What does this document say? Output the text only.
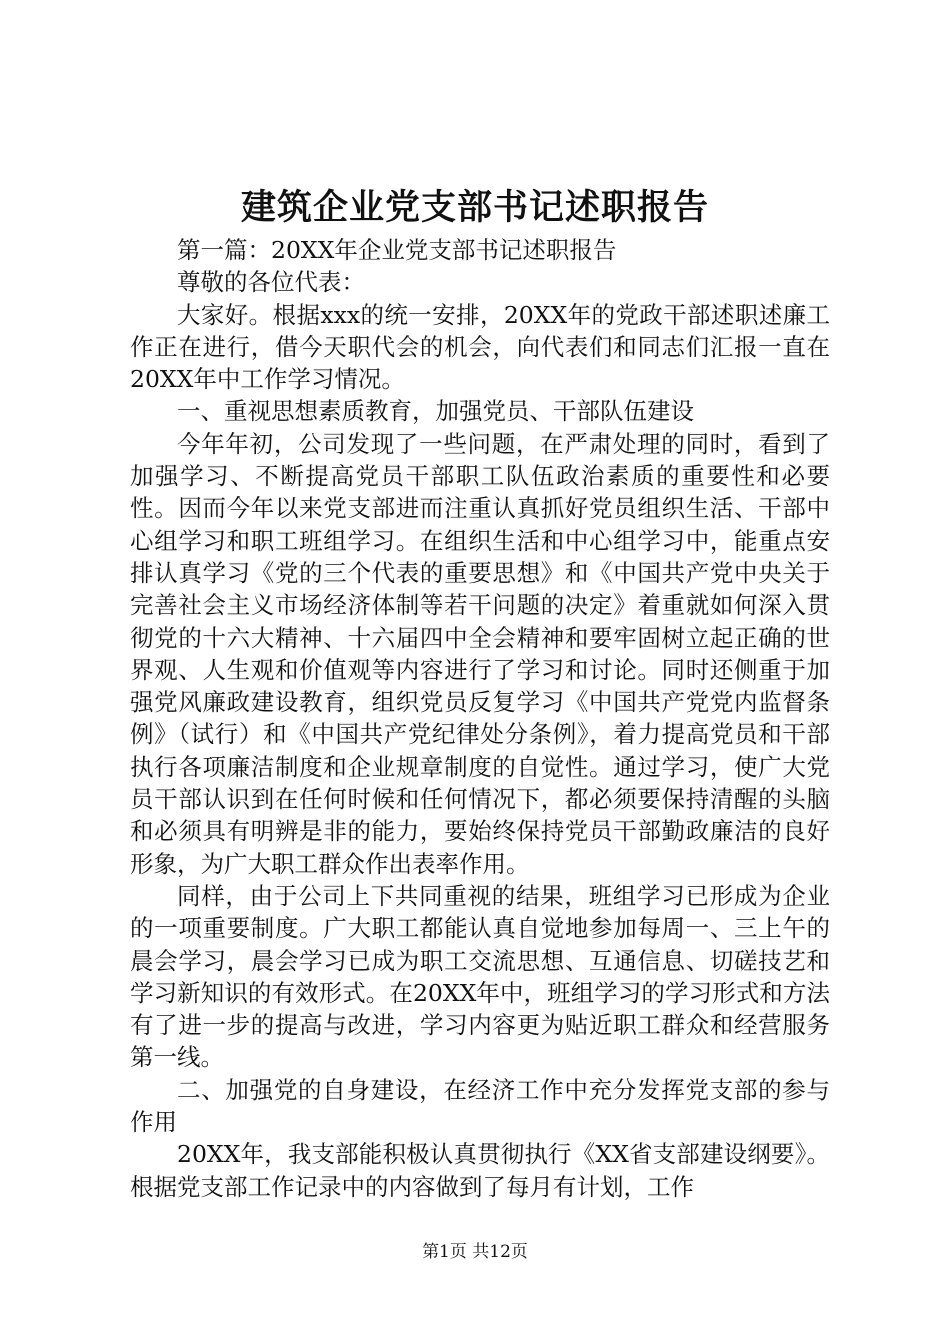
建筑企业党支部书记述职报告

第一篇：20XX年企业党支部书记述职报告

尊敬的各位代表：

大家好。根据xxx的统一安排，20XX年的党政干部述职述廉工作正在进行，借今天职代会的机会，向代表们和同志们汇报一直在20XX年中工作学习情况。

一、重视思想素质教育，加强党员、干部队伍建设

今年年初，公司发现了一些问题，在严肃处理的同时，看到了加强学习、不断提高党员干部职工队伍政治素质的重要性和必要性。因而今年以来党支部进而注重认真抓好党员组织生活、干部中心组学习和职工班组学习。在组织生活和中心组学习中，能重点安排认真学习《党的三个代表的重要思想》和《中国共产党中央关于完善社会主义市场经济体制等若干问题的决定》着重就如何深入贯彻党的十六大精神、十六届四中全会精神和要牢固树立起正确的世界观、人生观和价值观等内容进行了学习和讨论。同时还侧重于加强党风廉政建设教育，组织党员反复学习《中国共产党党内监督条例》（试行）和《中国共产党纪律处分条例》，着力提高党员和干部执行各项廉洁制度和企业规章制度的自觉性。通过学习，使广大党员干部认识到在任何时候和任何情况下，都必须要保持清醒的头脑和必须具有明辨是非的能力，要始终保持党员干部勤政廉洁的良好形象，为广大职工群众作出表率作用。

同样，由于公司上下共同重视的结果，班组学习已形成为企业的一项重要制度。广大职工都能认真自觉地参加每周一、三上午的晨会学习，晨会学习已成为职工交流思想、互通信息、切磋技艺和学习新知识的有效形式。在20XX年中，班组学习的学习形式和方法有了进一步的提高与改进，学习内容更为贴近职工群众和经营服务第一线。

二、加强党的自身建设，在经济工作中充分发挥党支部的参与作用

20XX年，我支部能积极认真贯彻执行《XX省支部建设纲要》。根据党支部工作记录中的内容做到了每月有计划，工作

第1页 共12页
